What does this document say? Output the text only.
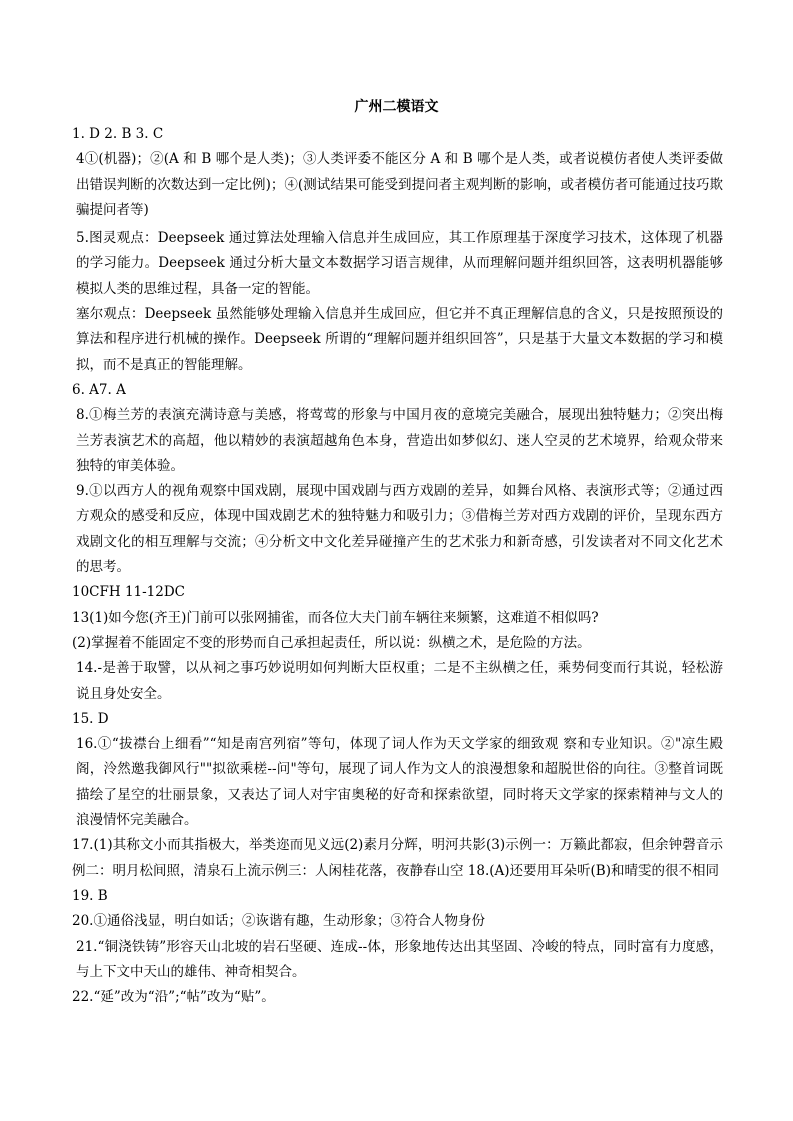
广州二模语文

1. D 2. B 3. C

4①(机器)；②(A 和 B 哪个是人类)；③人类评委不能区分 A 和 B 哪个是人类，或者说模仿者使人类评委做出错误判断的次数达到一定比例)；④(测试结果可能受到提问者主观判断的影响，或者模仿者可能通过技巧欺骗提问者等)

5.图灵观点：Deepseek 通过算法处理输入信息并生成回应，其工作原理基于深度学习技术，这体现了机器的学习能力。Deepseek 通过分析大量文本数据学习语言规律，从而理解问题并组织回答，这表明机器能够模拟人类的思维过程，具备一定的智能。

塞尔观点：Deepseek 虽然能够处理输入信息并生成回应，但它并不真正理解信息的含义，只是按照预设的算法和程序进行机械的操作。Deepseek 所谓的“理解问题并组织回答”，只是基于大量文本数据的学习和模拟，而不是真正的智能理解。

6. A7. A

8.①梅兰芳的表演充满诗意与美感，将莺莺的形象与中国月夜的意境完美融合，展现出独特魅力；②突出梅兰芳表演艺术的高超，他以精妙的表演超越角色本身，营造出如梦似幻、迷人空灵的艺术境界，给观众带来独特的审美体验。

9.①以西方人的视角观察中国戏剧，展现中国戏剧与西方戏剧的差异，如舞台风格、表演形式等；②通过西方观众的感受和反应，体现中国戏剧艺术的独特魅力和吸引力；③借梅兰芳对西方戏剧的评价，呈现东西方戏剧文化的相互理解与交流；④分析文中文化差异碰撞产生的艺术张力和新奇感，引发读者对不同文化艺术的思考。

10CFH 11-12DC

13(1)如今您(齐王)门前可以张网捕雀，而各位大夫门前车辆往来频繁，这难道不相似吗?

(2)掌握着不能固定不变的形势而自己承担起责任，所以说：纵横之术，是危险的方法。

14.-是善于取譬，以从祠之事巧妙说明如何判断大臣权重；二是不主纵横之任，乘势伺变而行其说，轻松游说且身处安全。

15. D

16.①“拔襟台上细看”“知是南宫列宿”等句，体现了词人作为天文学家的细致观 察和专业知识。②"凉生殿阁，泠然邀我御风行""拟欲乘槎--问"等句，展现了词人作为文人的浪漫想象和超脱世俗的向往。③整首词既描绘了星空的壮丽景象，又表达了词人对宇宙奥秘的好奇和探索欲望，同时将天文学家的探索精神与文人的浪漫情怀完美融合。

17.(1)其称文小而其指极大，举类迩而见义远(2)素月分辉，明河共影(3)示例一：万籁此都寂，但余钟磬音示例二：明月松间照，清泉石上流示例三：人闲桂花落，夜静春山空 18.(A)还要用耳朵听(B)和晴雯的很不相同

19. B

20.①通俗浅显，明白如话；②诙谐有趣，生动形象；③符合人物身份

21.“铜浇铁铸”形容天山北坡的岩石坚硬、连成--体，形象地传达出其坚固、冷峻的特点，同时富有力度感，与上下文中天山的雄伟、神奇相契合。

22.“延”改为“沿”;“帖”改为“贴”。
